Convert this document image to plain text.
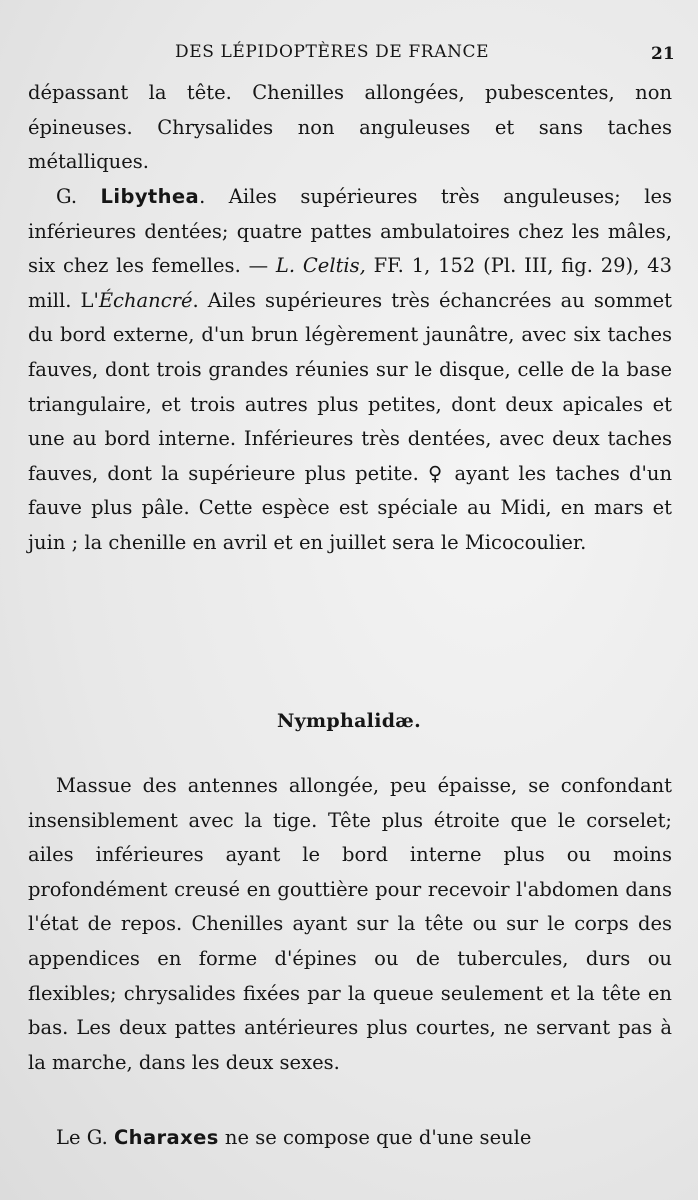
DES LÉPIDOPTÈRES DE FRANCE	21

dépassant la tête. Chenilles allongées, pubescentes, non épineuses. Chrysalides non anguleuses et sans taches métalliques.

G. Libythea. Ailes supérieures très anguleuses; les inférieures dentées; quatre pattes ambulatoires chez les mâles, six chez les femelles. — L. Celtis, FF. 1, 152 (Pl. III, fig. 29), 43 mill. L'Échancré. Ailes supérieures très échancrées au sommet du bord externe, d'un brun légèrement jaunâtre, avec six taches fauves, dont trois grandes réunies sur le disque, celle de la base triangulaire, et trois autres plus petites, dont deux apicales et une au bord interne. Inférieures très dentées, avec deux taches fauves, dont la supérieure plus petite. ♀ ayant les taches d'un fauve plus pâle. Cette espèce est spéciale au Midi, en mars et juin ; la chenille en avril et en juillet sera le Micocoulier.

Nymphalidæ.

Massue des antennes allongée, peu épaisse, se confondant insensiblement avec la tige. Tête plus étroite que le corselet; ailes inférieures ayant le bord interne plus ou moins profondément creusé en gouttière pour recevoir l'abdomen dans l'état de repos. Chenilles ayant sur la tête ou sur le corps des appendices en forme d'épines ou de tubercules, durs ou flexibles; chrysalides fixées par la queue seulement et la tête en bas. Les deux pattes antérieures plus courtes, ne servant pas à la marche, dans les deux sexes.

Le G. Charaxes ne se compose que d'une seule
